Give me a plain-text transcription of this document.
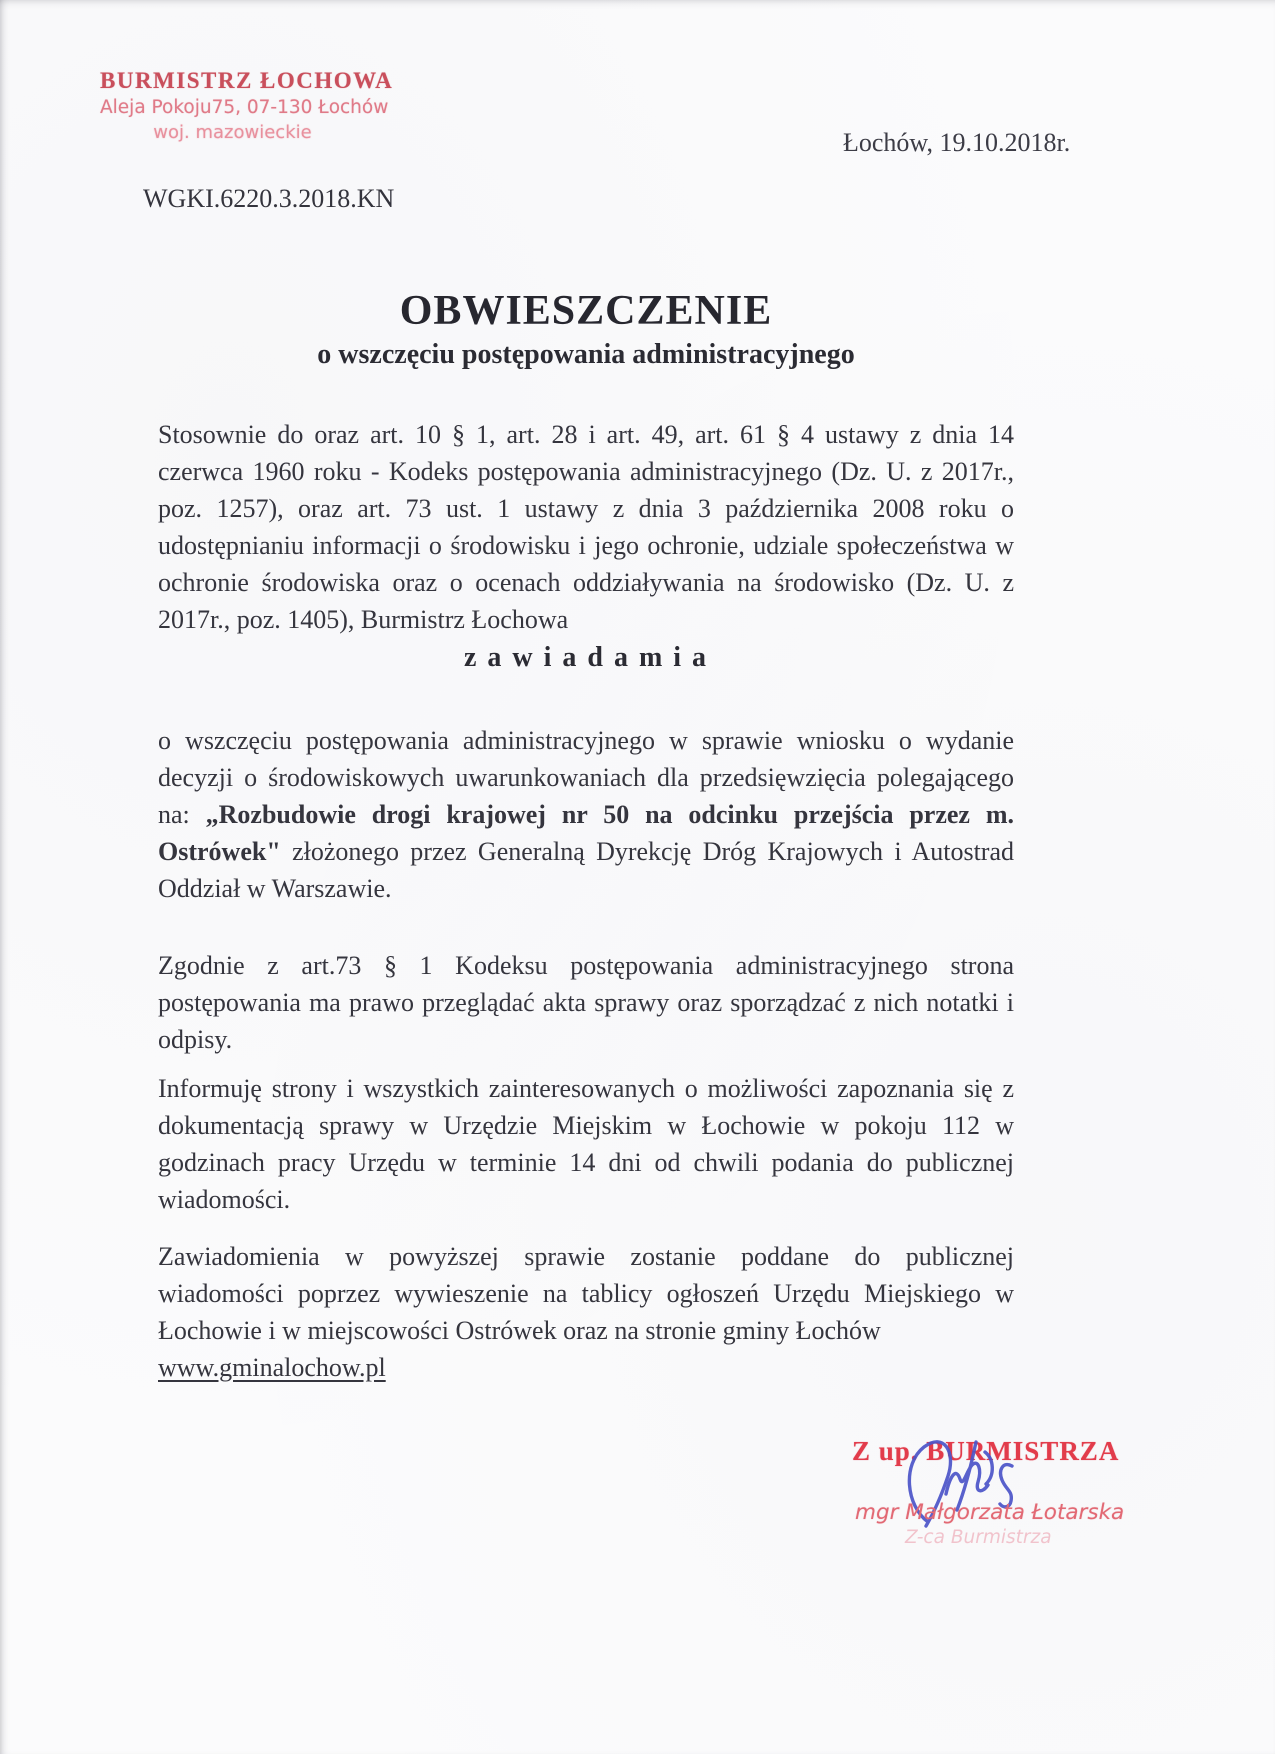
BURMISTRZ ŁOCHOWA
Aleja Pokoju75, 07-130 Łochów
woj. mazowieckie	Łochów, 19.10.2018r.
WGKI.6220.3.2018.KN
OBWIESZCZENIE
o wszczęciu postępowania administracyjnego

Stosownie do oraz art. 10 § 1, art. 28 i art. 49, art. 61 § 4 ustawy z dnia 14 czerwca 1960 roku - Kodeks postępowania administracyjnego (Dz. U. z 2017r., poz. 1257), oraz art. 73 ust. 1 ustawy z dnia 3 października 2008 roku o udostępnianiu informacji o środowisku i jego ochronie, udziale społeczeństwa w ochronie środowiska oraz o ocenach oddziaływania na środowisko (Dz. U. z 2017r., poz. 1405), Burmistrz Łochowa

z a w i a d a m i a

o wszczęciu postępowania administracyjnego w sprawie wniosku o wydanie decyzji o środowiskowych uwarunkowaniach dla przedsięwzięcia polegającego na: „Rozbudowie drogi krajowej nr 50 na odcinku przejścia przez m. Ostrówek" złożonego przez Generalną Dyrekcję Dróg Krajowych i Autostrad Oddział w Warszawie.

Zgodnie z art.73 § 1 Kodeksu postępowania administracyjnego strona postępowania ma prawo przeglądać akta sprawy oraz sporządzać z nich notatki i odpisy.

Informuję strony i wszystkich zainteresowanych o możliwości zapoznania się z dokumentacją sprawy w Urzędzie Miejskim w Łochowie w pokoju 112 w godzinach pracy Urzędu w terminie 14 dni od chwili podania do publicznej wiadomości.

Zawiadomienia w powyższej sprawie zostanie poddane do publicznej wiadomości poprzez wywieszenie na tablicy ogłoszeń Urzędu Miejskiego w Łochowie i w miejscowości Ostrówek oraz na stronie gminy Łochów
www.gminalochow.pl

Z up. BURMISTRZA
mgr Małgorzata Łotarska
Z-ca Burmistrza
